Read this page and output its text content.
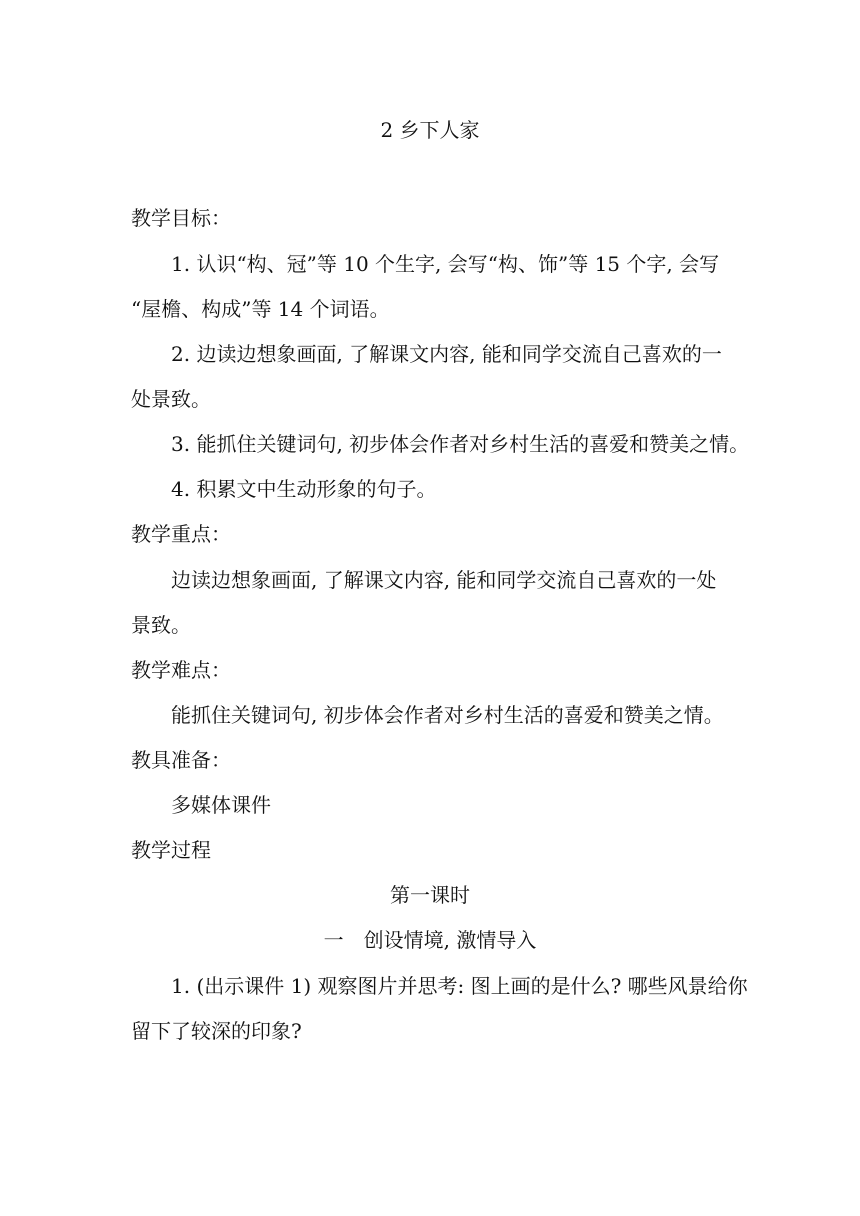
2 乡下人家
教学目标：
1. 认识“构、冠”等 10 个生字, 会写“构、饰”等 15 个字, 会写
“屋檐、构成”等 14 个词语。
2. 边读边想象画面, 了解课文内容, 能和同学交流自己喜欢的一
处景致。
3. 能抓住关键词句, 初步体会作者对乡村生活的喜爱和赞美之情。
4. 积累文中生动形象的句子。
教学重点：
边读边想象画面, 了解课文内容, 能和同学交流自己喜欢的一处
景致。
教学难点：
能抓住关键词句, 初步体会作者对乡村生活的喜爱和赞美之情。
教具准备：
多媒体课件
教学过程
第一课时
一　创设情境, 激情导入
1. (出示课件 1) 观察图片并思考: 图上画的是什么? 哪些风景给你
留下了较深的印象?
